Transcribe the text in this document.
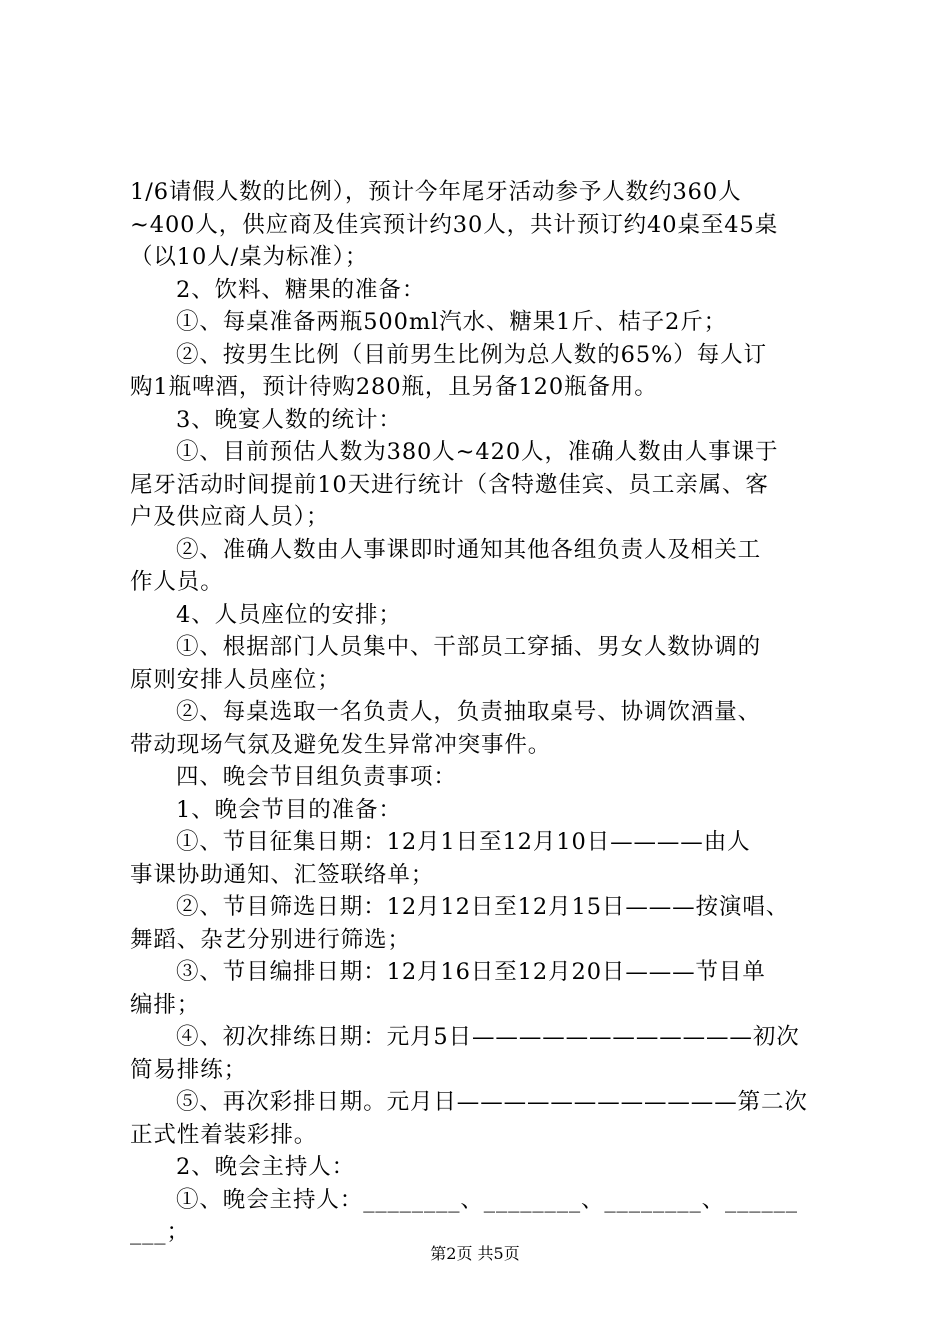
1/6请假人数的比例），预计今年尾牙活动参予人数约360人
~400人，供应商及佳宾预计约30人，共计预订约40桌至45桌
（以10人/桌为标准）；
2、饮料、糖果的准备：
①、每桌准备两瓶500ml汽水、糖果1斤、桔子2斤；
②、按男生比例（目前男生比例为总人数的65%）每人订
购1瓶啤酒，预计待购280瓶，且另备120瓶备用。
3、晚宴人数的统计：
①、目前预估人数为380人~420人，准确人数由人事课于
尾牙活动时间提前10天进行统计（含特邀佳宾、员工亲属、客
户及供应商人员）；
②、准确人数由人事课即时通知其他各组负责人及相关工
作人员。
4、人员座位的安排；
①、根据部门人员集中、干部员工穿插、男女人数协调的
原则安排人员座位；
②、每桌选取一名负责人，负责抽取桌号、协调饮酒量、
带动现场气氛及避免发生异常冲突事件。
四、晚会节目组负责事项：
1、晚会节目的准备：
①、节目征集日期：12月1日至12月10日————由人
事课协助通知、汇签联络单；
②、节目筛选日期：12月12日至12月15日———按演唱、
舞蹈、杂艺分别进行筛选；
③、节目编排日期：12月16日至12月20日———节目单
编排；
④、初次排练日期：元月5日————————————初次
简易排练；
⑤、再次彩排日期。元月日————————————第二次
正式性着装彩排。
2、晚会主持人：
①、晚会主持人：________、________、________、______
___；
第2页 共5页
